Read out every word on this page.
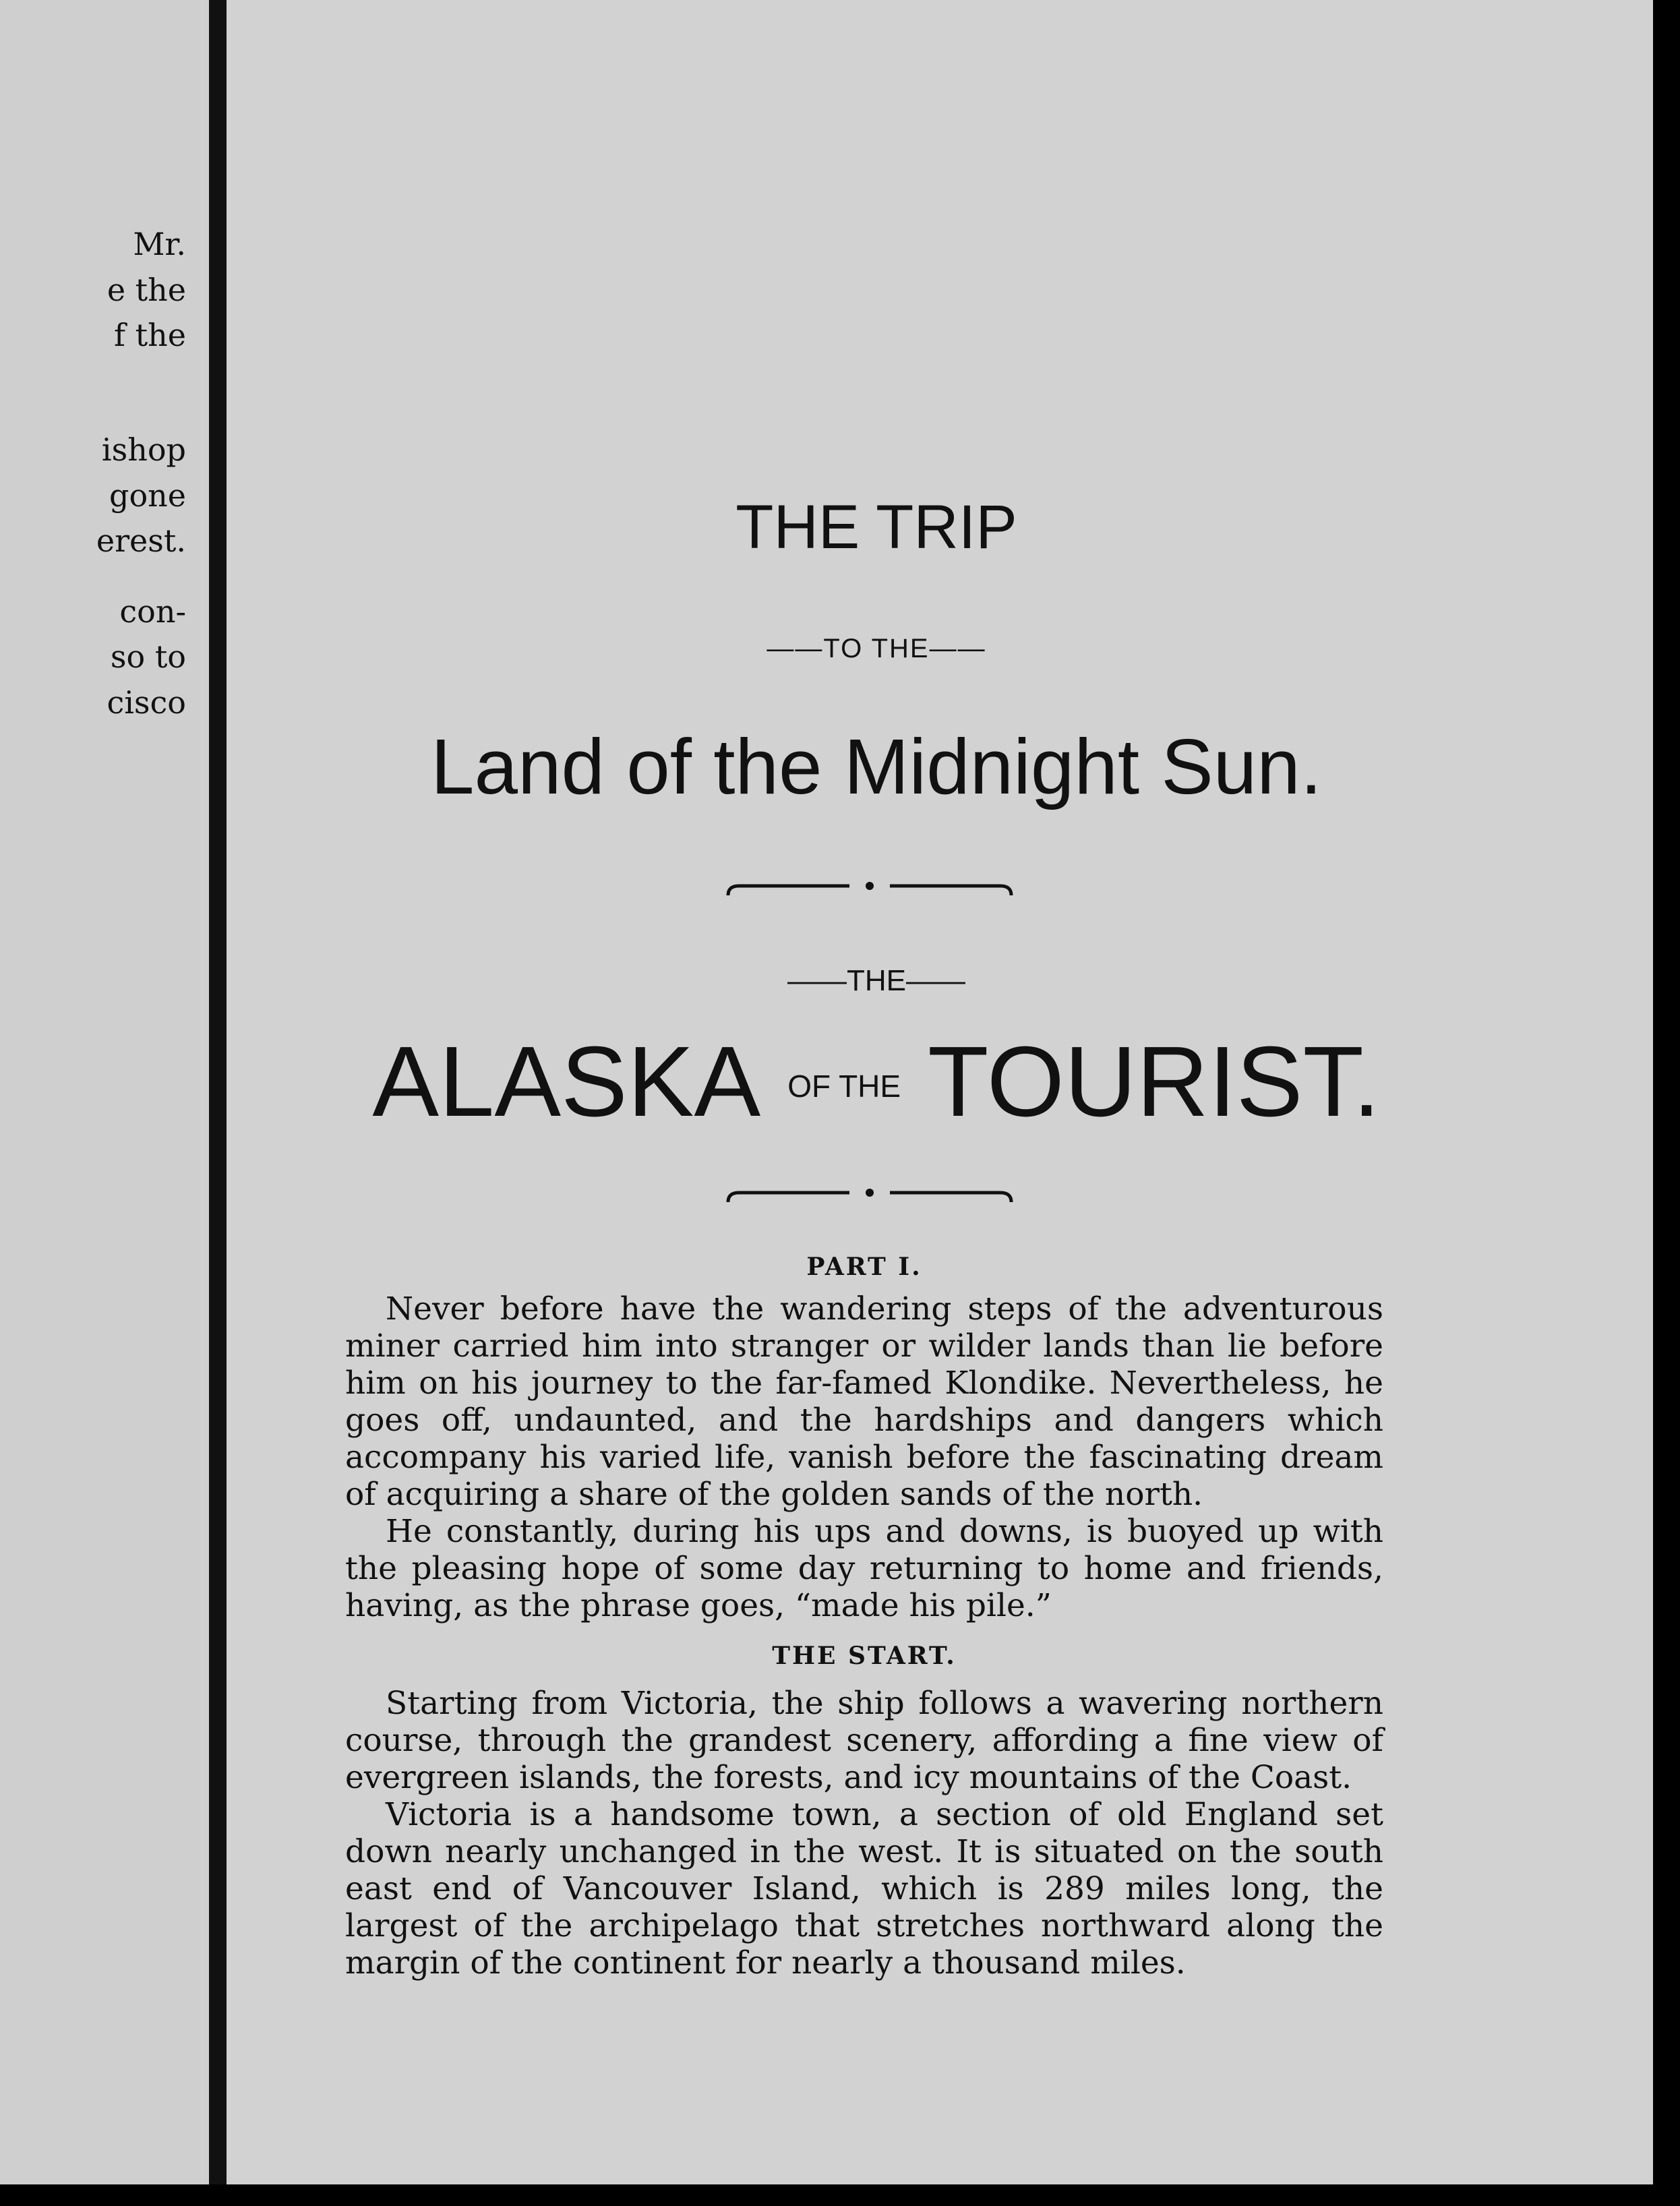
Mr.
e the
f the
ishop
gone
erest.
con-
so to
cisco
THE TRIP
——TO THE——
Land of the Midnight Sun.
——THE——
ALASKA OF THE TOURIST.

PART I.

Never before have the wandering steps of the adventurous miner carried him into stranger or wilder lands than lie before him on his journey to the far-famed Klondike. Nevertheless, he goes off, undaunted, and the hardships and dangers which accompany his varied life, vanish before the fascinating dream of acquiring a share of the golden sands of the north.

He constantly, during his ups and downs, is buoyed up with the pleasing hope of some day returning to home and friends, having, as the phrase goes, “made his pile.”

THE START.

Starting from Victoria, the ship follows a wavering northern course, through the grandest scenery, affording a fine view of evergreen islands, the forests, and icy mountains of the Coast.

Victoria is a handsome town, a section of old England set down nearly unchanged in the west. It is situated on the south east end of Vancouver Island, which is 289 miles long, the largest of the archipelago that stretches northward along the margin of the continent for nearly a thousand miles.
